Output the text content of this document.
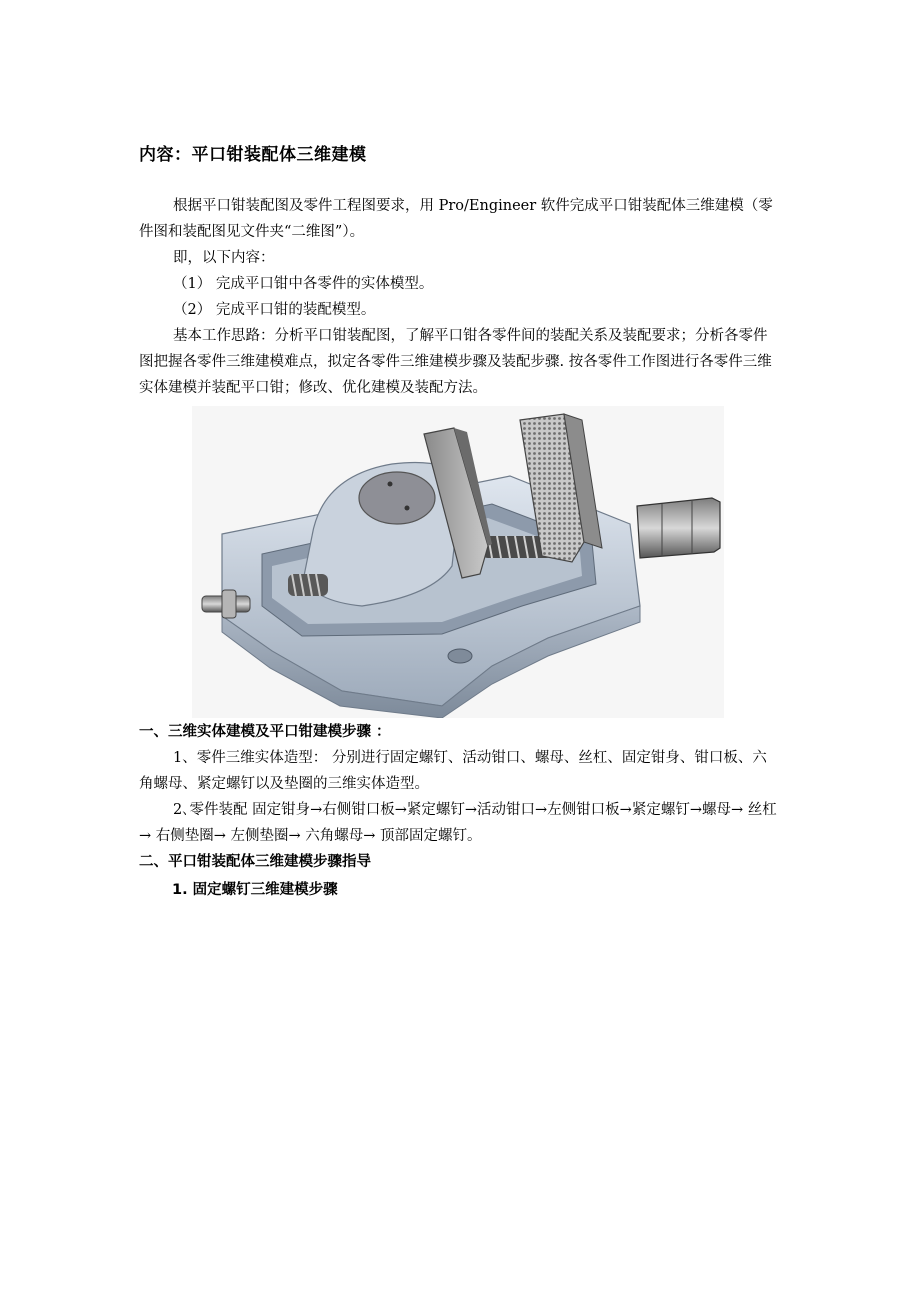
内容：平口钳装配体三维建模
根据平口钳装配图及零件工程图要求，用 Pro/Engineer 软件完成平口钳装配体三维建模（零件图和装配图见文件夹“二维图”）。
即，以下内容：
（1） 完成平口钳中各零件的实体模型。
（2） 完成平口钳的装配模型。
基本工作思路：分析平口钳装配图，了解平口钳各零件间的装配关系及装配要求；分析各零件图把握各零件三维建模难点，拟定各零件三维建模步骤及装配步骤. 按各零件工作图进行各零件三维实体建模并装配平口钳；修改、优化建模及装配方法。
一、三维实体建模及平口钳建模步骤 ：
1、零件三维实体造型： 分别进行固定螺钉、活动钳口、螺母、丝杠、固定钳身、钳口板、六角螺母、紧定螺钉以及垫圈的三维实体造型。
2､零件装配 固定钳身→右侧钳口板→紧定螺钉→活动钳口→左侧钳口板→紧定螺钉→螺母→ 丝杠→ 右侧垫圈→ 左侧垫圈→ 六角螺母→ 顶部固定螺钉。
二、平口钳装配体三维建模步骤指导
1. 固定螺钉三维建模步骤
